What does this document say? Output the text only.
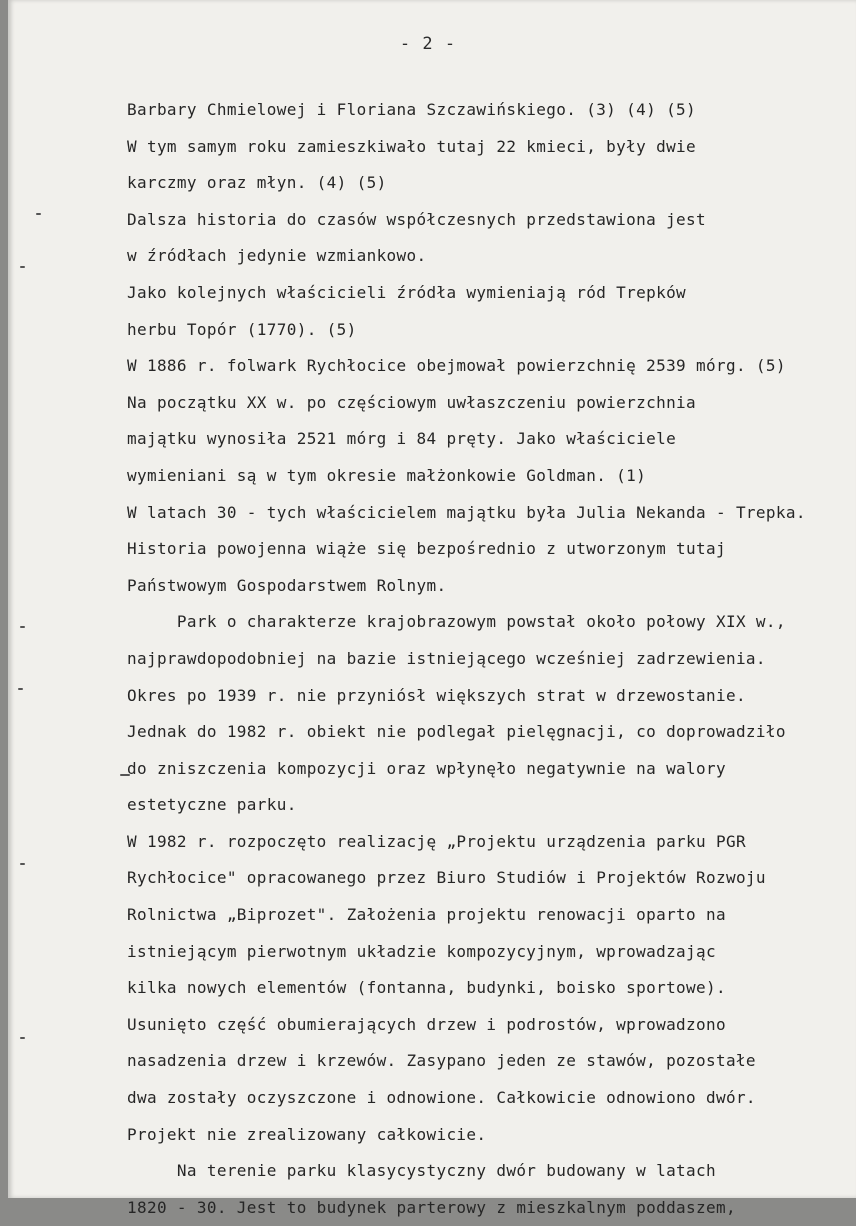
- 2 -
Barbary Chmielowej i Floriana Szczawińskiego. (3) (4) (5)
W tym samym roku zamieszkiwało tutaj 22 kmieci, były dwie
karczmy oraz młyn. (4) (5)
Dalsza historia do czasów współczesnych przedstawiona jest
w źródłach jedynie wzmiankowo.
Jako kolejnych właścicieli źródła wymieniają ród Trepków
herbu Topór (1770). (5)
W 1886 r. folwark Rychłocice obejmował powierzchnię 2539 mórg. (5)
Na początku XX w. po częściowym uwłaszczeniu powierzchnia
majątku wynosiła 2521 mórg i 84 pręty. Jako właściciele
wymieniani są w tym okresie małżonkowie Goldman. (1)
W latach 30 - tych właścicielem majątku była Julia Nekanda - Trepka.
Historia powojenna wiąże się bezpośrednio z utworzonym tutaj
Państwowym Gospodarstwem Rolnym.
Park o charakterze krajobrazowym powstał około połowy XIX w.,
najprawdopodobniej na bazie istniejącego wcześniej zadrzewienia.
Okres po 1939 r. nie przyniósł większych strat w drzewostanie.
Jednak do 1982 r. obiekt nie podlegał pielęgnacji, co doprowadziło
do zniszczenia kompozycji oraz wpłynęło negatywnie na walory
estetyczne parku.
W 1982 r. rozpoczęto realizację „Projektu urządzenia parku PGR
Rychłocice" opracowanego przez Biuro Studiów i Projektów Rozwoju
Rolnictwa „Biprozet". Założenia projektu renowacji oparto na
istniejącym pierwotnym układzie kompozycyjnym, wprowadzając
kilka nowych elementów (fontanna, budynki, boisko sportowe).
Usunięto część obumierających drzew i podrostów, wprowadzono
nasadzenia drzew i krzewów. Zasypano jeden ze stawów, pozostałe
dwa zostały oczyszczone i odnowione. Całkowicie odnowiono dwór.
Projekt nie zrealizowany całkowicie.
Na terenie parku klasycystyczny dwór budowany w latach
1820 - 30. Jest to budynek parterowy z mieszkalnym poddaszem,
